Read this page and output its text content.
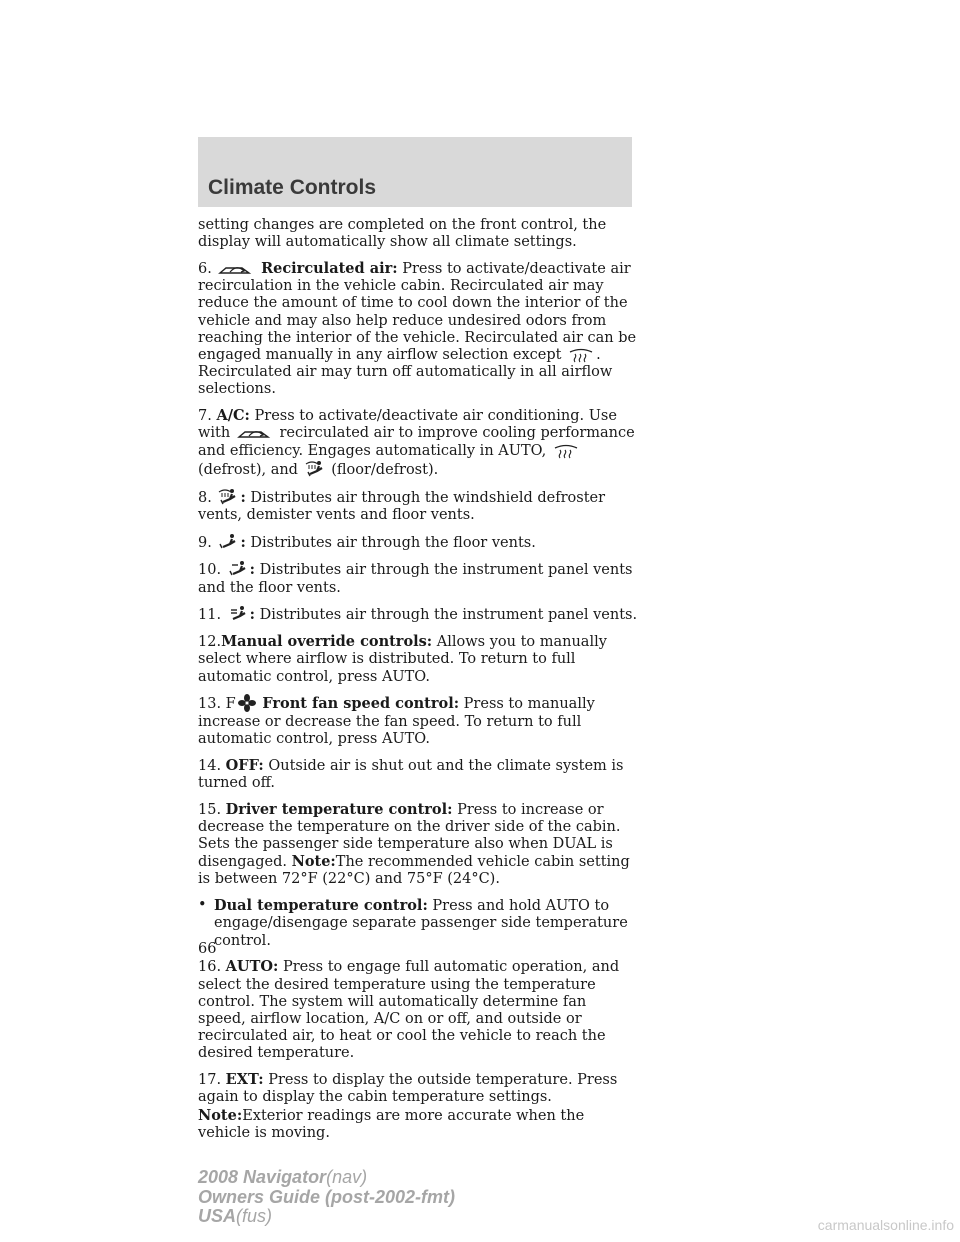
Climate Controls

setting changes are completed on the front control, the display will automatically show all climate settings.

6.	Recirculated air: Press to activate/deactivate air recirculation in the vehicle cabin. Recirculated air may reduce the amount of time to cool down the interior of the vehicle and may also help reduce undesired odors from reaching the interior of the vehicle. Recirculated air can be engaged manually in any airflow selection except . Recirculated air may turn off automatically in all airflow selections.

7. A/C: Press to activate/deactivate air conditioning. Use with	recirculated air to improve cooling performance and efficiency. Engages automatically in AUTO,
(defrost), and (floor/defrost).

8. : Distributes air through the windshield defroster vents, demister vents and floor vents.

9. : Distributes air through the floor vents.

10. : Distributes air through the instrument panel vents and the floor vents.

11. : Distributes air through the instrument panel vents.

12.Manual override controls: Allows you to manually select where airflow is distributed. To return to full automatic control, press AUTO.

13. F Front fan speed control: Press to manually increase or decrease the fan speed. To return to full automatic control, press AUTO.

14. OFF: Outside air is shut out and the climate system is turned off.

15. Driver temperature control: Press to increase or decrease the temperature on the driver side of the cabin. Sets the passenger side temperature also when DUAL is disengaged. Note:The recommended vehicle cabin setting is between 72°F (22°C) and 75°F (24°C).

• Dual temperature control: Press and hold AUTO to engage/disengage separate passenger side temperature control.

16. AUTO: Press to engage full automatic operation, and select the desired temperature using the temperature control. The system will automatically determine fan speed, airflow location, A/C on or off, and outside or recirculated air, to heat or cool the vehicle to reach the desired temperature.

17. EXT: Press to display the outside temperature. Press again to display the cabin temperature settings. Note:Exterior readings are more accurate when the vehicle is moving.

66
2008 Navigator(nav)
Owners Guide (post-2002-fmt)
USA(fus)	carmanualsonline.info
